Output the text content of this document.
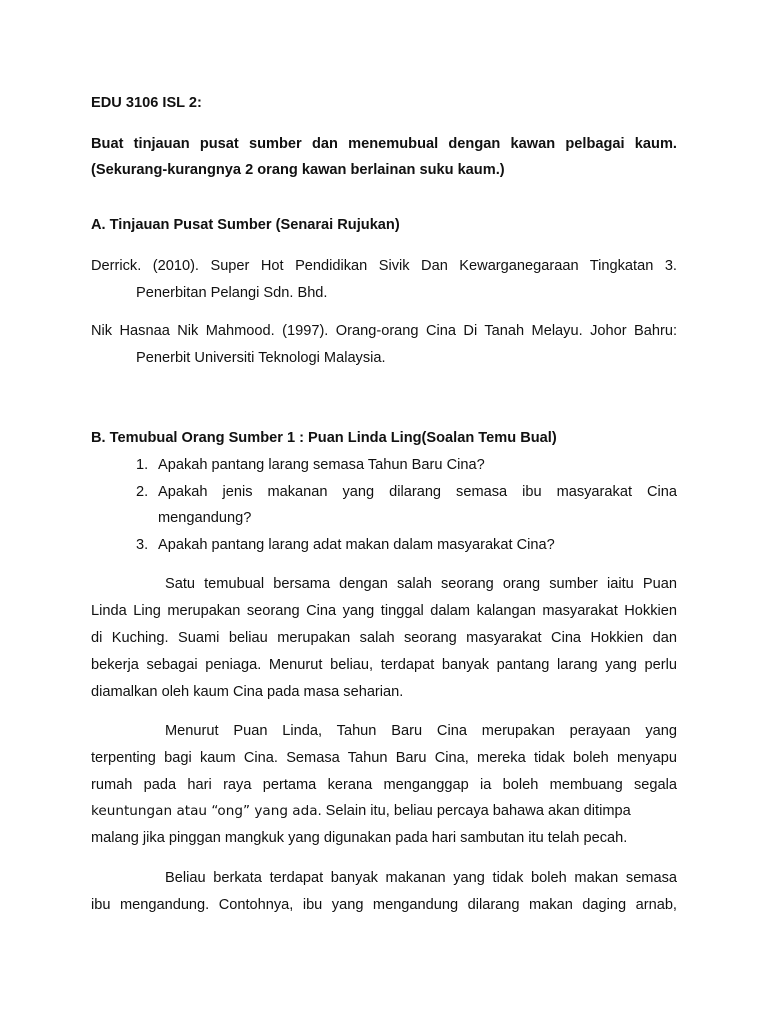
EDU 3106 ISL 2:
Buat tinjauan pusat sumber dan menemubual dengan kawan pelbagai kaum.
(Sekurang-kurangnya 2 orang kawan berlainan suku kaum.)
A. Tinjauan Pusat Sumber (Senarai Rujukan)
Derrick. (2010). Super Hot Pendidikan Sivik Dan Kewarganegaraan Tingkatan 3.
Penerbitan Pelangi Sdn. Bhd.
Nik Hasnaa Nik Mahmood. (1997). Orang-orang Cina Di Tanah Melayu. Johor Bahru:
Penerbit Universiti Teknologi Malaysia.
B. Temubual Orang Sumber 1 : Puan Linda Ling(Soalan Temu Bual)
1. Apakah pantang larang semasa Tahun Baru Cina?
2. Apakah jenis makanan yang dilarang semasa ibu masyarakat Cina
mengandung?
3. Apakah pantang larang adat makan dalam masyarakat Cina?
Satu temubual bersama dengan salah seorang orang sumber iaitu Puan
Linda Ling merupakan seorang Cina yang tinggal dalam kalangan masyarakat Hokkien
di Kuching. Suami beliau merupakan salah seorang masyarakat Cina Hokkien dan
bekerja sebagai peniaga. Menurut beliau, terdapat banyak pantang larang yang perlu
diamalkan oleh kaum Cina pada masa seharian.
Menurut Puan Linda, Tahun Baru Cina merupakan perayaan yang
terpenting bagi kaum Cina. Semasa Tahun Baru Cina, mereka tidak boleh menyapu
rumah pada hari raya pertama kerana menganggap ia boleh membuang segala
keuntungan atau “ong” yang ada. Selain itu, beliau percaya bahawa akan ditimpa
malang jika pinggan mangkuk yang digunakan pada hari sambutan itu telah pecah.
Beliau berkata terdapat banyak makanan yang tidak boleh makan semasa
ibu mengandung. Contohnya, ibu yang mengandung dilarang makan daging arnab,
